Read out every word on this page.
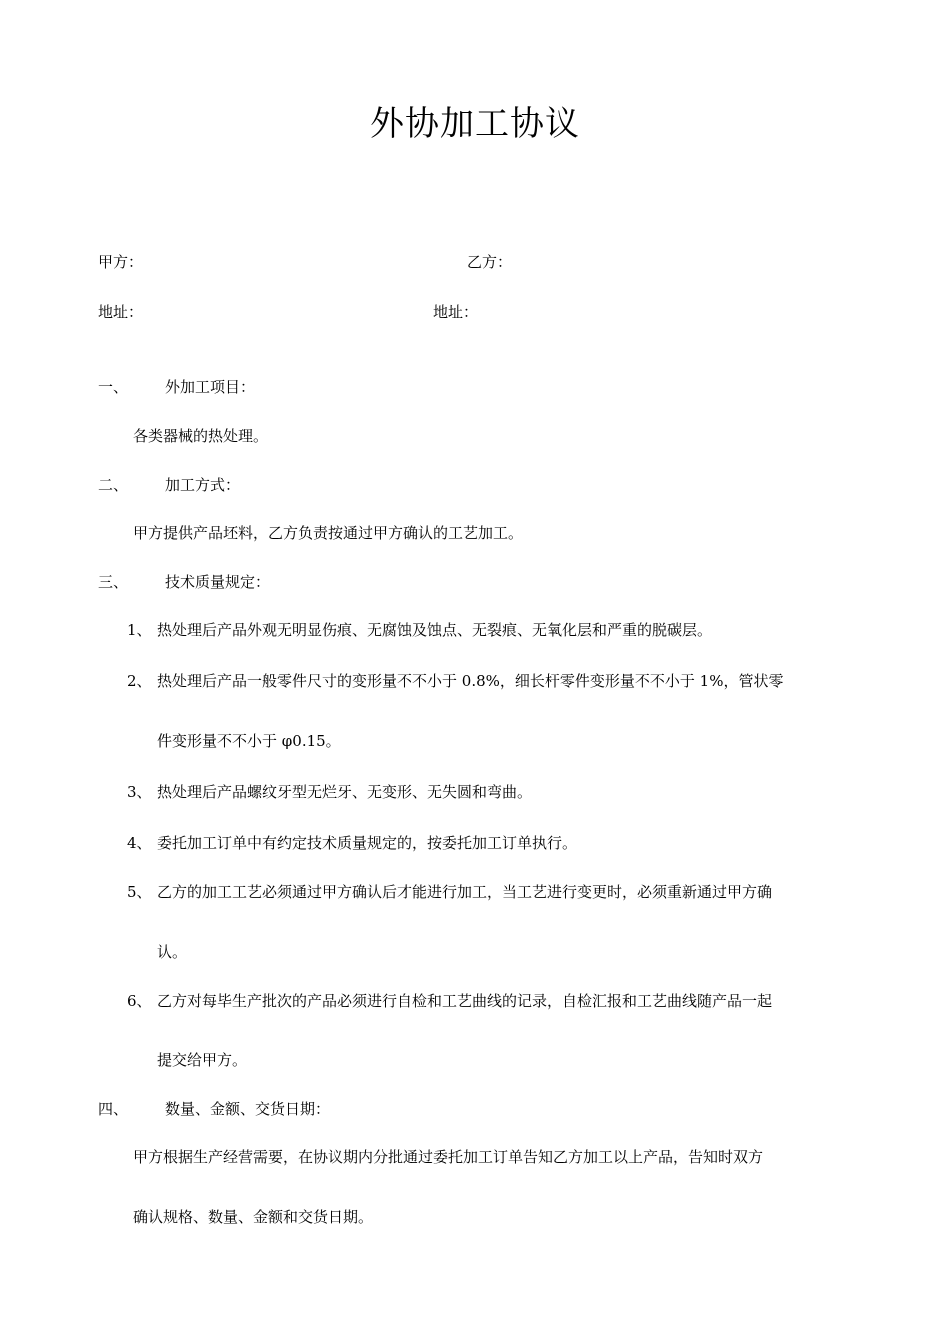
外协加工协议
甲方：	乙方：
地址：	地址：
一、 外加工项目：
各类器械的热处理。
二、 加工方式：
甲方提供产品坯料，乙方负责按通过甲方确认的工艺加工。
三、 技术质量规定：
1、 热处理后产品外观无明显伤痕、无腐蚀及蚀点、无裂痕、无氧化层和严重的脱碳层。
2、 热处理后产品一般零件尺寸的变形量不不小于 0.8%，细长杆零件变形量不不小于 1%，管状零
件变形量不不小于 φ0.15。
3、 热处理后产品螺纹牙型无烂牙、无变形、无失圆和弯曲。
4、 委托加工订单中有约定技术质量规定的，按委托加工订单执行。
5、 乙方的加工工艺必须通过甲方确认后才能进行加工，当工艺进行变更时，必须重新通过甲方确
认。
6、 乙方对每毕生产批次的产品必须进行自检和工艺曲线的记录，自检汇报和工艺曲线随产品一起
提交给甲方。
四、 数量、金额、交货日期：
甲方根据生产经营需要，在协议期内分批通过委托加工订单告知乙方加工以上产品，告知时双方
确认规格、数量、金额和交货日期。
